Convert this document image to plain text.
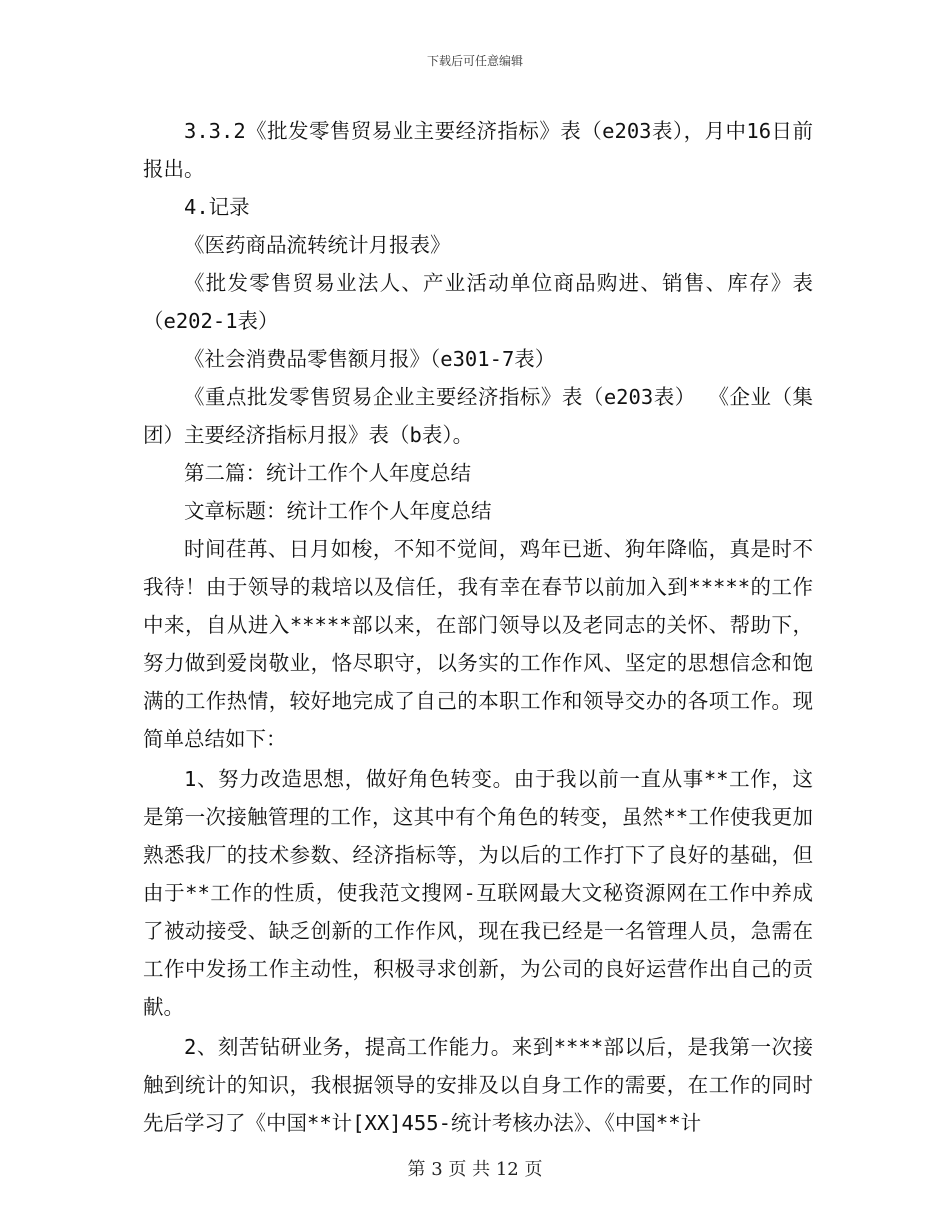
下载后可任意编辑

3.3.2《批发零售贸易业主要经济指标》表（e203表），月中16日前报出。

4.记录

《医药商品流转统计月报表》

《批发零售贸易业法人、产业活动单位商品购进、销售、库存》表（e202-1表）

《社会消费品零售额月报》（e301-7表）

《重点批发零售贸易企业主要经济指标》表（e203表） 《企业（集团）主要经济指标月报》表（b表）。

第二篇：统计工作个人年度总结

文章标题：统计工作个人年度总结

时间荏苒、日月如梭，不知不觉间，鸡年已逝、狗年降临，真是时不我待！由于领导的栽培以及信任，我有幸在春节以前加入到*****的工作中来，自从进入*****部以来，在部门领导以及老同志的关怀、帮助下，努力做到爱岗敬业，恪尽职守，以务实的工作作风、坚定的思想信念和饱满的工作热情，较好地完成了自己的本职工作和领导交办的各项工作。现简单总结如下：

1、努力改造思想，做好角色转变。由于我以前一直从事**工作，这是第一次接触管理的工作，这其中有个角色的转变，虽然**工作使我更加熟悉我厂的技术参数、经济指标等，为以后的工作打下了良好的基础，但由于**工作的性质，使我范文搜网-互联网最大文秘资源网在工作中养成了被动接受、缺乏创新的工作作风，现在我已经是一名管理人员，急需在工作中发扬工作主动性，积极寻求创新，为公司的良好运营作出自己的贡献。

2、刻苦钻研业务，提高工作能力。来到****部以后，是我第一次接触到统计的知识，我根据领导的安排及以自身工作的需要，在工作的同时先后学习了《中国**计[XX]455-统计考核办法》、《中国**计

第 3 页 共 12 页
